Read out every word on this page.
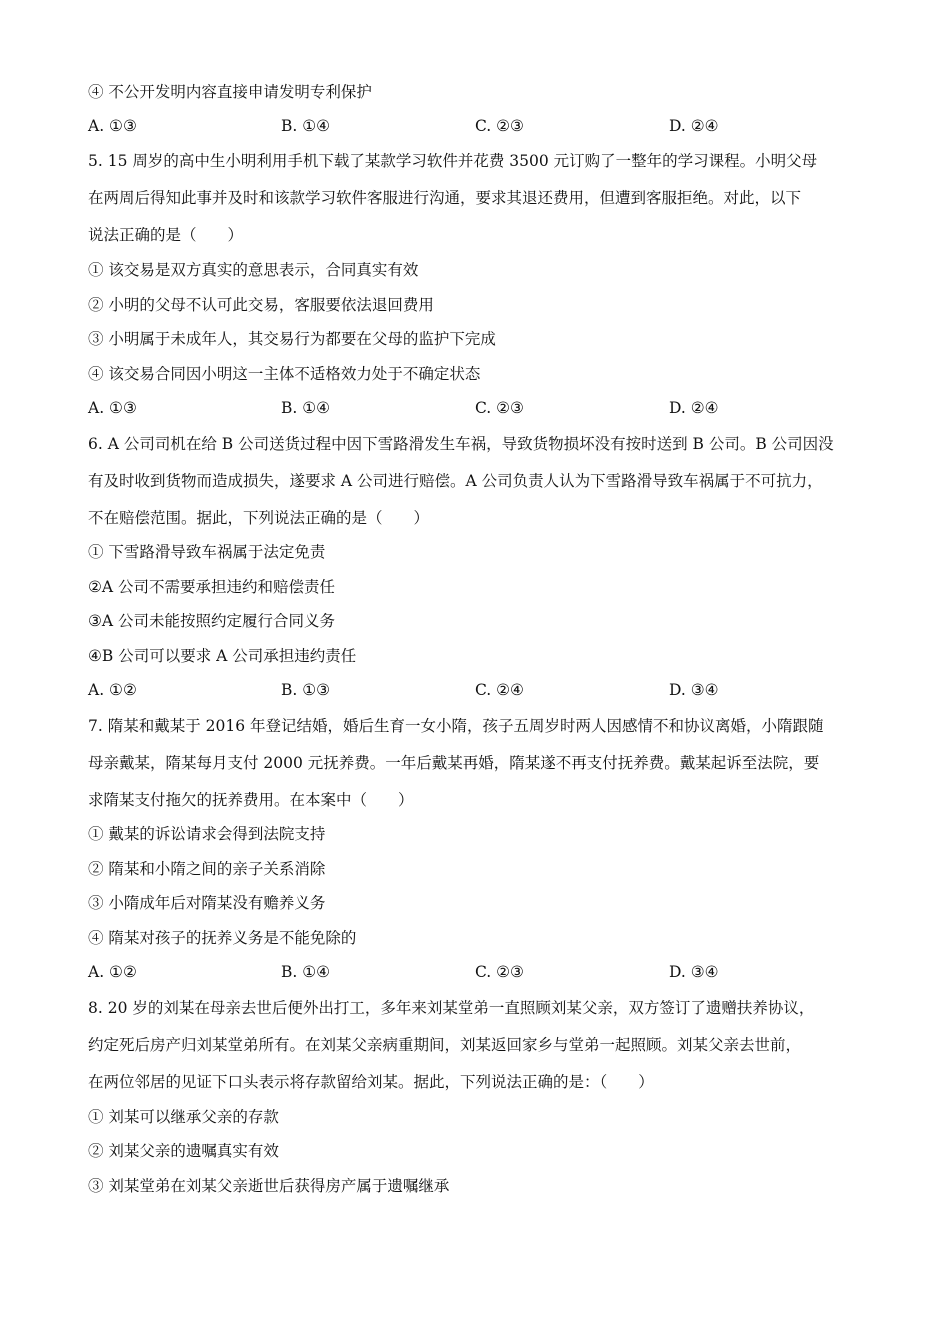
④ 不公开发明内容直接申请发明专利保护
A. ①③	B. ①④	C. ②③	D. ②④
5. 15 周岁的高中生小明利用手机下载了某款学习软件并花费 3500 元订购了一整年的学习课程。小明父母
在两周后得知此事并及时和该款学习软件客服进行沟通，要求其退还费用，但遭到客服拒绝。对此，以下
说法正确的是（　　）
① 该交易是双方真实的意思表示，合同真实有效
② 小明的父母不认可此交易，客服要依法退回费用
③ 小明属于未成年人，其交易行为都要在父母的监护下完成
④ 该交易合同因小明这一主体不适格效力处于不确定状态
A. ①③	B. ①④	C. ②③	D. ②④
6. A 公司司机在给 B 公司送货过程中因下雪路滑发生车祸，导致货物损坏没有按时送到 B 公司。B 公司因没
有及时收到货物而造成损失，遂要求 A 公司进行赔偿。A 公司负责人认为下雪路滑导致车祸属于不可抗力，
不在赔偿范围。据此，下列说法正确的是（　　）
① 下雪路滑导致车祸属于法定免责
②A 公司不需要承担违约和赔偿责任
③A 公司未能按照约定履行合同义务
④B 公司可以要求 A 公司承担违约责任
A. ①②	B. ①③	C. ②④	D. ③④
7. 隋某和戴某于 2016 年登记结婚，婚后生育一女小隋，孩子五周岁时两人因感情不和协议离婚，小隋跟随
母亲戴某，隋某每月支付 2000 元抚养费。一年后戴某再婚，隋某遂不再支付抚养费。戴某起诉至法院，要
求隋某支付拖欠的抚养费用。在本案中（　　）
① 戴某的诉讼请求会得到法院支持
② 隋某和小隋之间的亲子关系消除
③ 小隋成年后对隋某没有赡养义务
④ 隋某对孩子的抚养义务是不能免除的
A. ①②	B. ①④	C. ②③	D. ③④
8. 20 岁的刘某在母亲去世后便外出打工，多年来刘某堂弟一直照顾刘某父亲，双方签订了遗赠扶养协议，
约定死后房产归刘某堂弟所有。在刘某父亲病重期间，刘某返回家乡与堂弟一起照顾。刘某父亲去世前，
在两位邻居的见证下口头表示将存款留给刘某。据此，下列说法正确的是：（　　）
① 刘某可以继承父亲的存款
② 刘某父亲的遗嘱真实有效
③ 刘某堂弟在刘某父亲逝世后获得房产属于遗嘱继承
